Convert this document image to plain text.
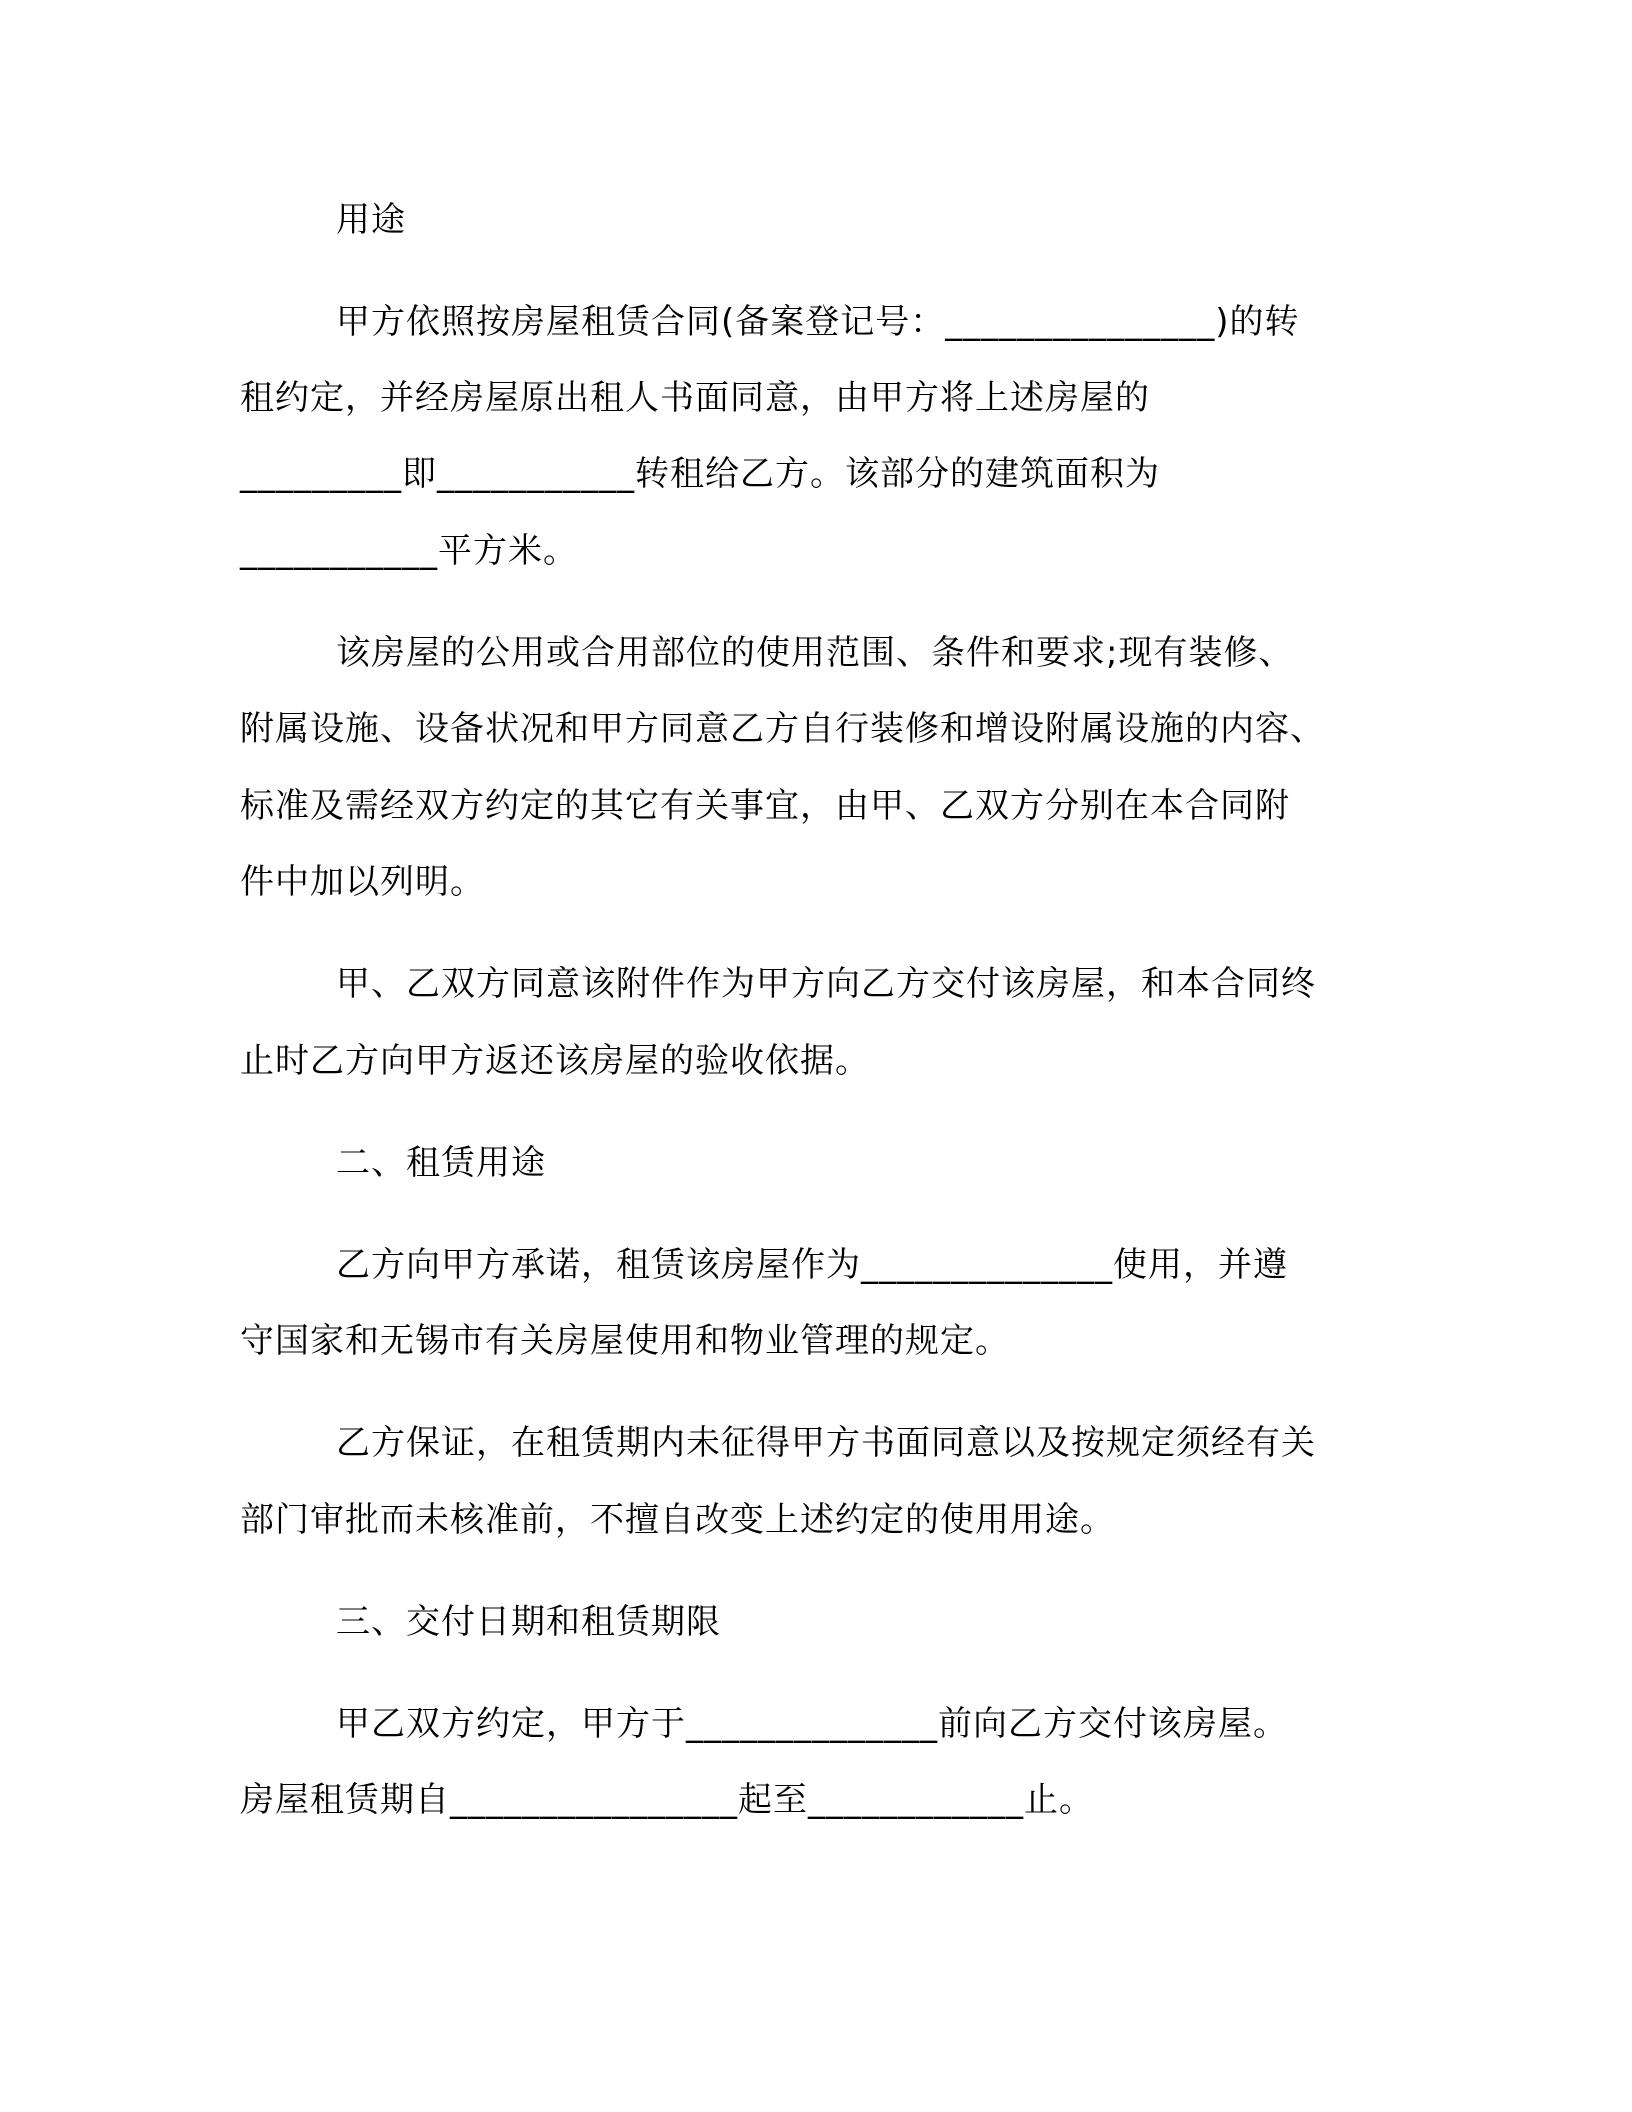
用途
甲方依照按房屋租赁合同(备案登记号：_______________)的转
租约定，并经房屋原出租人书面同意，由甲方将上述房屋的
_________即___________转租给乙方。该部分的建筑面积为
___________平方米。
该房屋的公用或合用部位的使用范围、条件和要求;现有装修、
附属设施、设备状况和甲方同意乙方自行装修和增设附属设施的内容、
标准及需经双方约定的其它有关事宜，由甲、乙双方分别在本合同附
件中加以列明。
甲、乙双方同意该附件作为甲方向乙方交付该房屋，和本合同终
止时乙方向甲方返还该房屋的验收依据。
二、租赁用途
乙方向甲方承诺，租赁该房屋作为______________使用，并遵
守国家和无锡市有关房屋使用和物业管理的规定。
乙方保证，在租赁期内未征得甲方书面同意以及按规定须经有关
部门审批而未核准前，不擅自改变上述约定的使用用途。
三、交付日期和租赁期限
甲乙双方约定，甲方于______________前向乙方交付该房屋。
房屋租赁期自________________起至____________止。
